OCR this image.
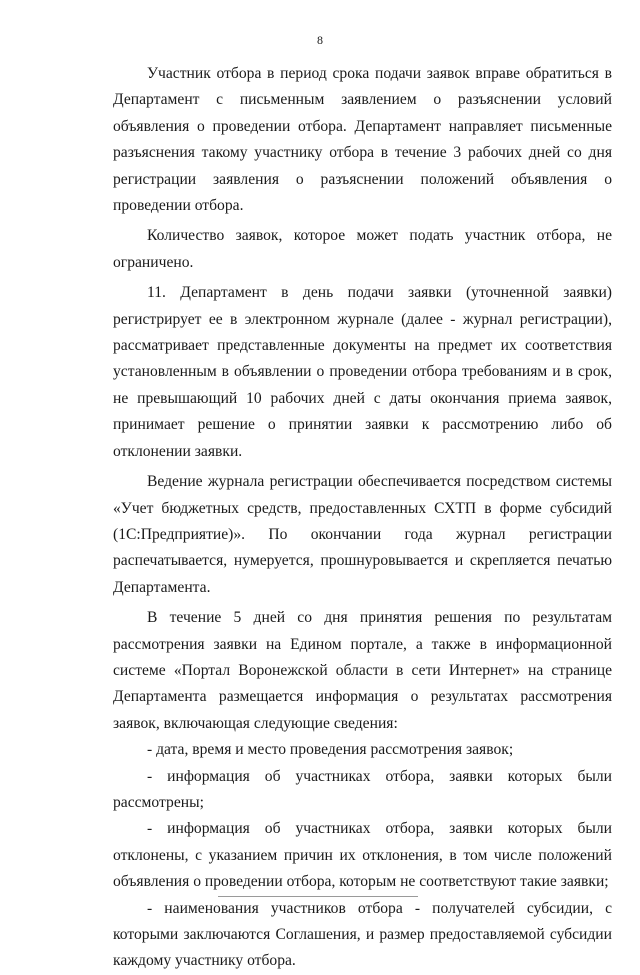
8

Участник отбора в период срока подачи заявок вправе обратиться в Департамент с письменным заявлением о разъяснении условий объявления о проведении отбора. Департамент направляет письменные разъяснения такому участнику отбора в течение 3 рабочих дней со дня регистрации заявления о разъяснении положений объявления о проведении отбора.

Количество заявок, которое может подать участник отбора, не ограничено.

11. Департамент в день подачи заявки (уточненной заявки) регистрирует ее в электронном журнале (далее - журнал регистрации), рассматривает представленные документы на предмет их соответствия установленным в объявлении о проведении отбора требованиям и в срок, не превышающий 10 рабочих дней с даты окончания приема заявок, принимает решение о принятии заявки к рассмотрению либо об отклонении заявки.

Ведение журнала регистрации обеспечивается посредством системы «Учет бюджетных средств, предоставленных СХТП в форме субсидий (1С:Предприятие)». По окончании года журнал регистрации распечатывается, нумеруется, прошнуровывается и скрепляется печатью Департамента.

В течение 5 дней со дня принятия решения по результатам рассмотрения заявки на Едином портале, а также в информационной системе «Портал Воронежской области в сети Интернет» на странице Департамента размещается информация о результатах рассмотрения заявок, включающая следующие сведения:

- дата, время и место проведения рассмотрения заявок;

- информация об участниках отбора, заявки которых были рассмотрены;

- информация об участниках отбора, заявки которых были отклонены, с указанием причин их отклонения, в том числе положений объявления о проведении отбора, которым не соответствуют такие заявки;

- наименования участников отбора - получателей субсидии, с которыми заключаются Соглашения, и размер предоставляемой субсидии каждому участнику отбора.
